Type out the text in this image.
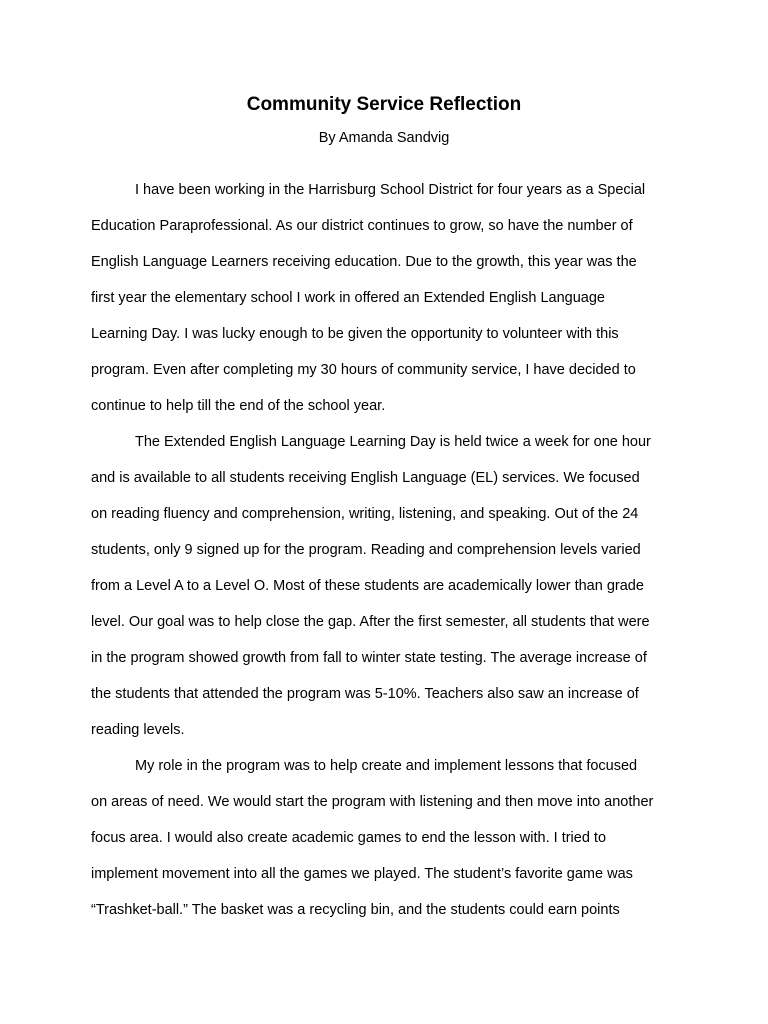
Community Service Reflection

By Amanda Sandvig

I have been working in the Harrisburg School District for four years as a Special
Education Paraprofessional. As our district continues to grow, so have the number of
English Language Learners receiving education. Due to the growth, this year was the
first year the elementary school I work in offered an Extended English Language
Learning Day. I was lucky enough to be given the opportunity to volunteer with this
program. Even after completing my 30 hours of community service, I have decided to
continue to help till the end of the school year.
The Extended English Language Learning Day is held twice a week for one hour
and is available to all students receiving English Language (EL) services. We focused
on reading fluency and comprehension, writing, listening, and speaking. Out of the 24
students, only 9 signed up for the program. Reading and comprehension levels varied
from a Level A to a Level O. Most of these students are academically lower than grade
level. Our goal was to help close the gap. After the first semester, all students that were
in the program showed growth from fall to winter state testing. The average increase of
the students that attended the program was 5-10%. Teachers also saw an increase of
reading levels.
My role in the program was to help create and implement lessons that focused
on areas of need. We would start the program with listening and then move into another
focus area. I would also create academic games to end the lesson with. I tried to
implement movement into all the games we played. The student’s favorite game was
“Trashket-ball.” The basket was a recycling bin, and the students could earn points
